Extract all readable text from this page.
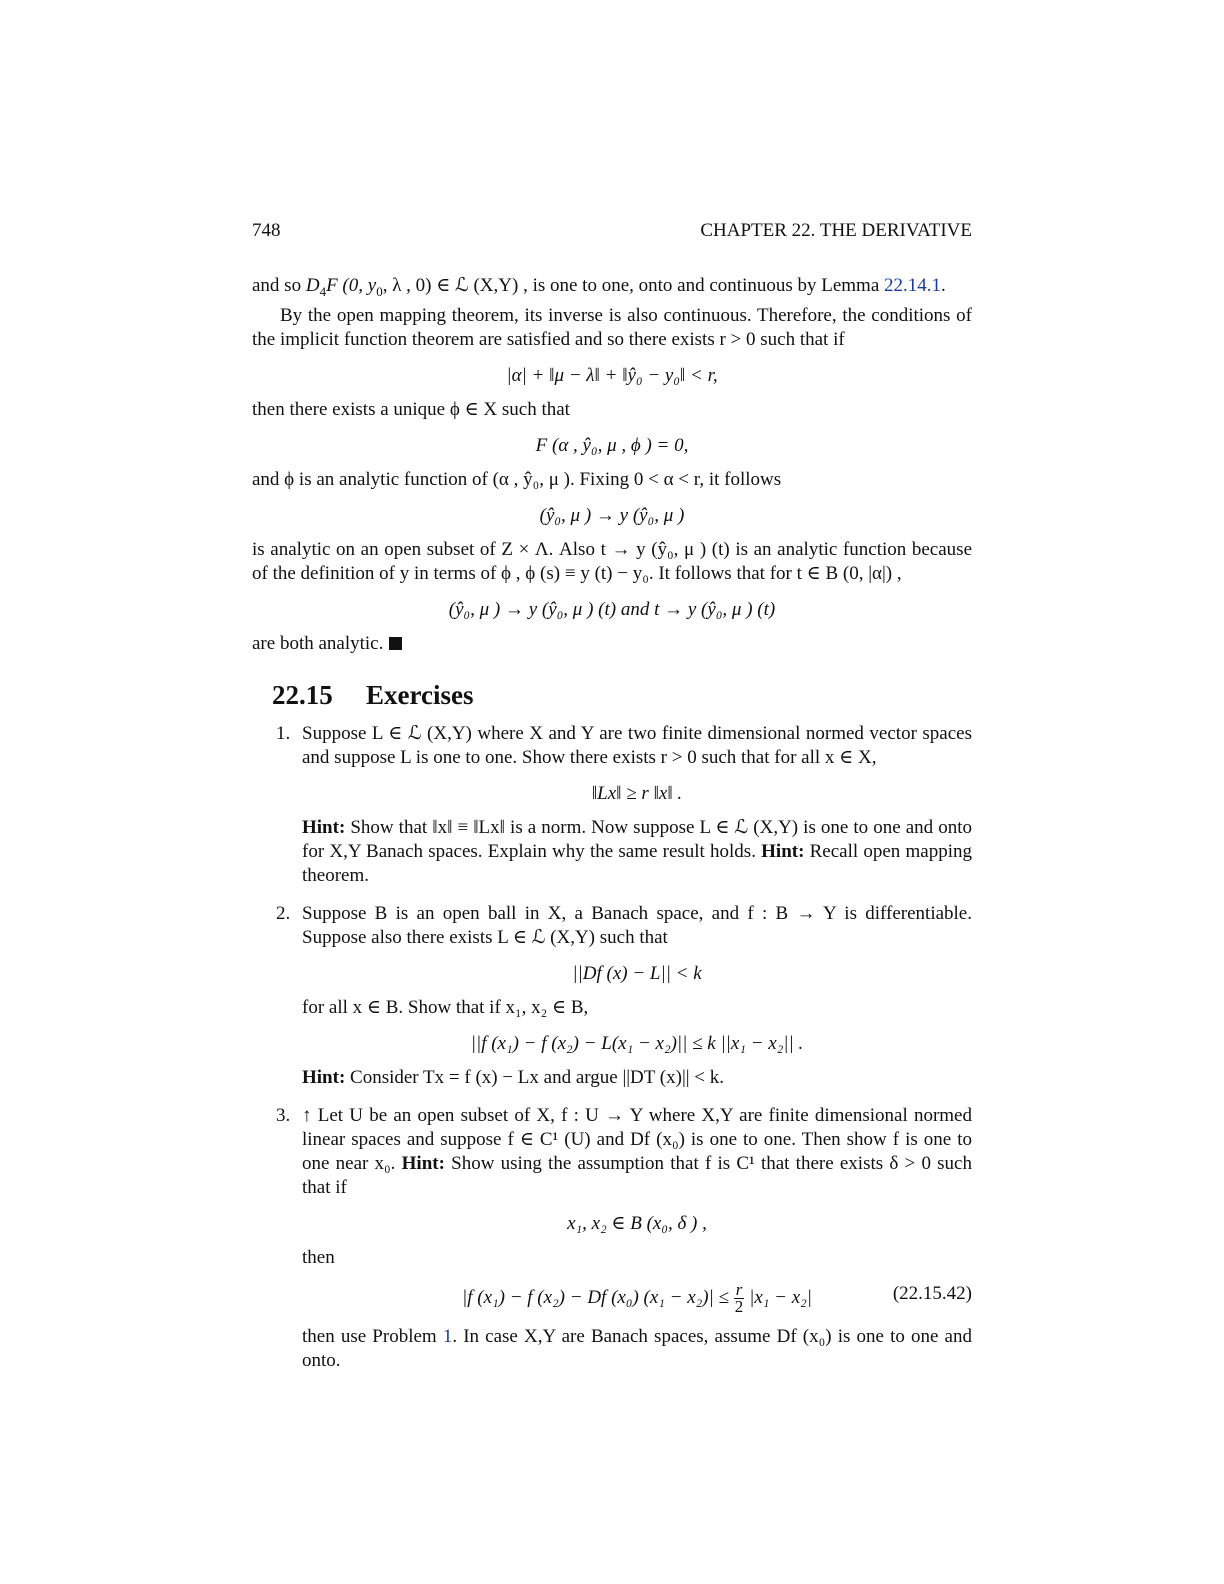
748	CHAPTER 22. THE DERIVATIVE

and so $D_4F$ (0, $y_0$, λ , 0) ∈ ℒ (X,Y) , is one to one, onto and continuous by Lemma 22.14.1.

By the open mapping theorem, its inverse is also continuous. Therefore, the conditions of the implicit function theorem are satisfied and so there exists r > 0 such that if

|α| + ‖μ − λ‖ + ‖ŷ₀ − y₀‖ < r,

then there exists a unique ϕ ∈ X such that

F (α , ŷ₀, μ , ϕ ) = 0,

and ϕ is an analytic function of (α , ŷ₀, μ ). Fixing 0 < α < r, it follows

(ŷ₀, μ ) → y (ŷ₀, μ )

is analytic on an open subset of Z × Λ. Also t → y (ŷ₀, μ ) (t) is an analytic function because of the definition of y in terms of ϕ , ϕ (s) ≡ y (t) − y₀. It follows that for t ∈ B (0, |α|) ,

(ŷ₀, μ ) → y (ŷ₀, μ ) (t) and t → y (ŷ₀, μ ) (t)

are both analytic.

22.15 Exercises
1. Suppose L ∈ ℒ (X,Y) where X and Y are two finite dimensional normed vector spaces and suppose L is one to one. Show there exists r > 0 such that for all x ∈ X,

‖Lx‖ ≥ r ‖x‖ .

Hint: Show that ‖x‖ ≡ ‖Lx‖ is a norm. Now suppose L ∈ ℒ (X,Y) is one to one and onto for X,Y Banach spaces. Explain why the same result holds. Hint: Recall open mapping theorem.

2. Suppose B is an open ball in X, a Banach space, and f : B → Y is differentiable. Suppose also there exists L ∈ ℒ (X,Y) such that

||Df (x) − L|| < k

for all x ∈ B. Show that if x₁, x₂ ∈ B,

||f (x₁) − f (x₂) − L(x₁ − x₂)|| ≤ k ||x₁ − x₂|| .

Hint: Consider Tx = f (x) − Lx and argue ||DT (x)|| < k.

3. ↑ Let U be an open subset of X, f : U → Y where X,Y are finite dimensional normed linear spaces and suppose f ∈ C¹ (U) and Df (x₀) is one to one. Then show f is one to one near x₀. Hint: Show using the assumption that f is C¹ that there exists δ > 0 such that if

x₁, x₂ ∈ B (x₀, δ ) ,

then

|f (x₁) − f (x₂) − Df (x₀) $(x_1 - x_2)| \le \frac{r}{2} |x_1 - x_2|$	(22.15.42)

then use Problem 1. In case X,Y are Banach spaces, assume Df (x₀) is one to one and onto.
